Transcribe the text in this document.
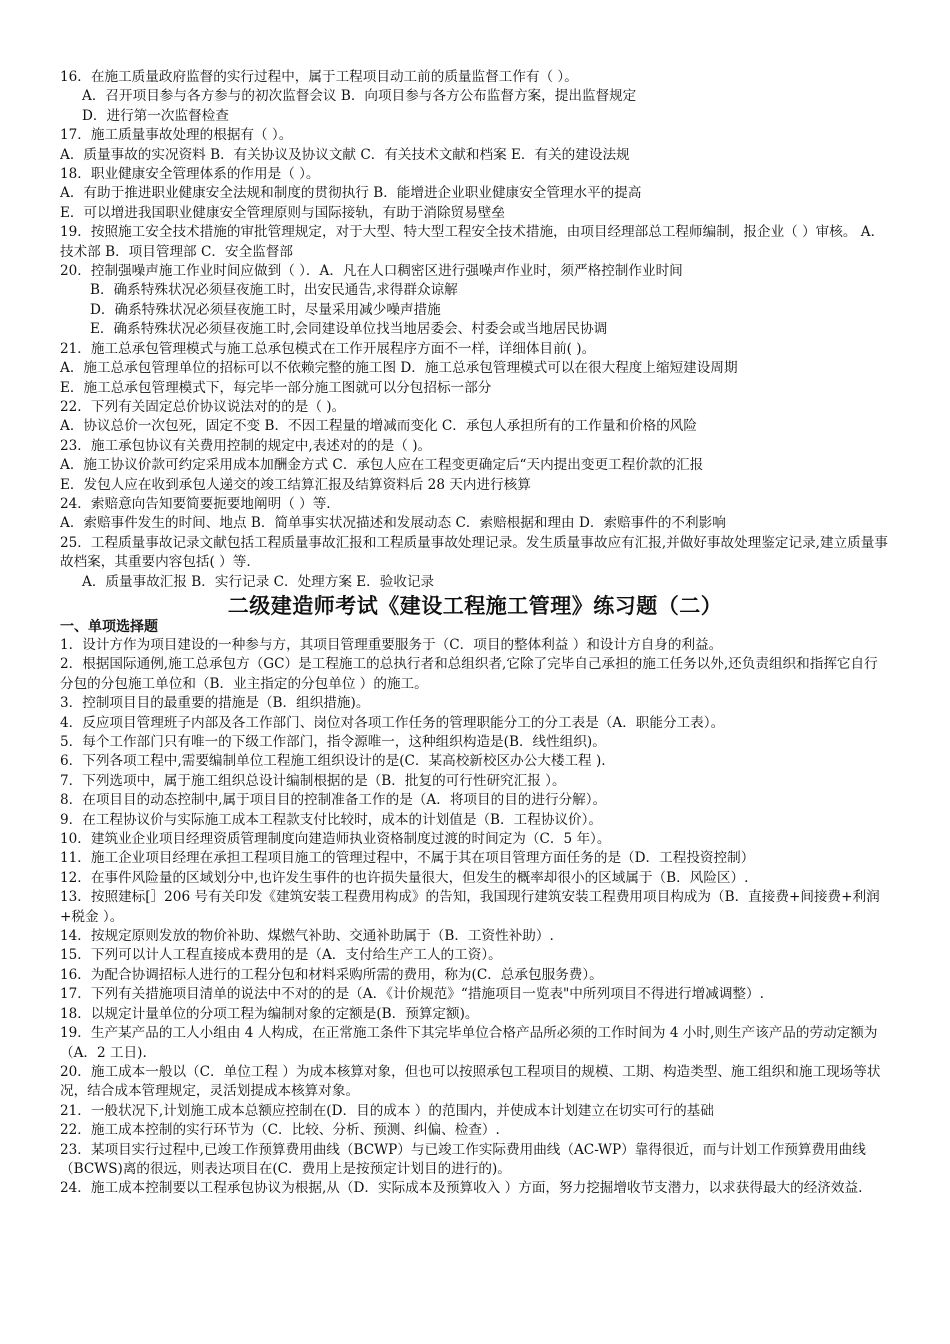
16．在施工质量政府监督的实行过程中，属于工程项目动工前的质量监督工作有（ ）。
A．召开项目参与各方参与的初次监督会议 B．向项目参与各方公布监督方案，提出监督规定
D．进行第一次监督检查
17．施工质量事故处理的根据有（ ）。
A．质量事故的实况资料 B．有关协议及协议文献 C．有关技术文献和档案 E．有关的建设法规
18．职业健康安全管理体系的作用是（ ）。
A．有助于推进职业健康安全法规和制度的贯彻执行 B．能增进企业职业健康安全管理水平的提高
E．可以增进我国职业健康安全管理原则与国际接轨，有助于消除贸易壁垒
19．按照施工安全技术措施的审批管理规定，对于大型、特大型工程安全技术措施，由项目经理部总工程师编制，报企业（ ）审核。 A．技术部 B．项目管理部 C．安全监督部
20．控制强噪声施工作业时间应做到（ ）．A．凡在人口稠密区进行强噪声作业时，须严格控制作业时间
B．确系特殊状况必须昼夜施工时，出安民通告,求得群众谅解
D．确系特殊状况必须昼夜施工时，尽量采用减少噪声措施
E．确系特殊状况必须昼夜施工时,会同建设单位找当地居委会、村委会或当地居民协调
21．施工总承包管理模式与施工总承包模式在工作开展程序方面不一样，详细体目前( )。
A．施工总承包管理单位的招标可以不依赖完整的施工图 D．施工总承包管理模式可以在很大程度上缩短建设周期
E．施工总承包管理模式下，每完毕一部分施工图就可以分包招标一部分
22．下列有关固定总价协议说法对的的是（ )。
A．协议总价一次包死，固定不变 B．不因工程量的增减而变化 C．承包人承担所有的工作量和价格的风险
23．施工承包协议有关费用控制的规定中,表述对的的是（ )。
A．施工协议价款可约定采用成本加酬金方式 C．承包人应在工程变更确定后“天内提出变更工程价款的汇报
E．发包人应在收到承包人递交的竣工结算汇报及结算资料后 28 天内进行核算
24．索赔意向告知要简要扼要地阐明（ ）等.
A．索赔事件发生的时间、地点 B．简单事实状况描述和发展动态 C．索赔根据和理由 D．索赔事件的不利影响
25．工程质量事故记录文献包括工程质量事故汇报和工程质量事故处理记录。发生质量事故应有汇报,并做好事故处理鉴定记录,建立质量事故档案，其重要内容包括( ）等.
A．质量事故汇报 B．实行记录 C．处理方案 E．验收记录
二级建造师考试《建设工程施工管理》练习题（二）
一、单项选择题
1．设计方作为项目建设的一种参与方，其项目管理重要服务于（C．项目的整体利益 ）和设计方自身的利益。
2．根据国际通例,施工总承包方（GC）是工程施工的总执行者和总组织者,它除了完毕自己承担的施工任务以外,还负责组织和指挥它自行分包的分包施工单位和（B．业主指定的分包单位 ）的施工。
3．控制项目目的最重要的措施是（B．组织措施)。
4．反应项目管理班子内部及各工作部门、岗位对各项工作任务的管理职能分工的分工表是（A．职能分工表）。
5．每个工作部门只有唯一的下级工作部门，指令源唯一，这种组织构造是(B．线性组织)。
6．下列各项工程中,需要编制单位工程施工组织设计的是(C．某高校新校区办公大楼工程 ).
7．下列选项中，属于施工组织总设计编制根据的是（B．批复的可行性研究汇报 ）。
8．在项目目的动态控制中,属于项目目的控制准备工作的是（A．将项目的目的进行分解）。
9．在工程协议价与实际施工成本工程款支付比较时，成本的计划值是（B．工程协议价）。
10．建筑业企业项目经理资质管理制度向建造师执业资格制度过渡的时间定为（C．5 年）。
11．施工企业项目经理在承担工程项目施工的管理过程中，不属于其在项目管理方面任务的是（D．工程投资控制）
12．在事件风险量的区域划分中,也许发生事件的也许损失量很大，但发生的概率却很小的区域属于（B．风险区）.
13．按照建标[］206 号有关印发《建筑安装工程费用构成》的告知，我国现行建筑安装工程费用项目构成为（B．直接费+间接费+利润+税金 ）。
14．按规定原则发放的物价补助、煤燃气补助、交通补助属于（B．工资性补助）.
15．下列可以计人工程直接成本费用的是（A．支付给生产工人的工资）。
16．为配合协调招标人进行的工程分包和材料采购所需的费用，称为(C．总承包服务费）。
17．下列有关措施项目清单的说法中不对的的是（A．《计价规范》“措施项目一览表"中所列项目不得进行增减调整）.
18．以规定计量单位的分项工程为编制对象的定额是(B．预算定额)。
19．生产某产品的工人小组由 4 人构成，在正常施工条件下其完毕单位合格产品所必须的工作时间为 4 小时,则生产该产品的劳动定额为（A．2 工日).
20．施工成本一般以（C．单位工程 ）为成本核算对象，但也可以按照承包工程项目的规模、工期、构造类型、施工组织和施工现场等状况，结合成本管理规定，灵活划提成本核算对象。
21．一般状况下,计划施工成本总额应控制在(D．目的成本 ）的范围内，并使成本计划建立在切实可行的基础
22．施工成本控制的实行环节为（C．比较、分析、预测、纠偏、检查）.
23．某项目实行过程中,已竣工作预算费用曲线（BCWP）与已竣工作实际费用曲线（AC-WP）靠得很近，而与计划工作预算费用曲线（BCWS)离的很远，则表达项目在(C．费用上是按预定计划目的进行的)。
24．施工成本控制要以工程承包协议为根据,从（D．实际成本及预算收入 ）方面，努力挖掘增收节支潜力，以求获得最大的经济效益.
